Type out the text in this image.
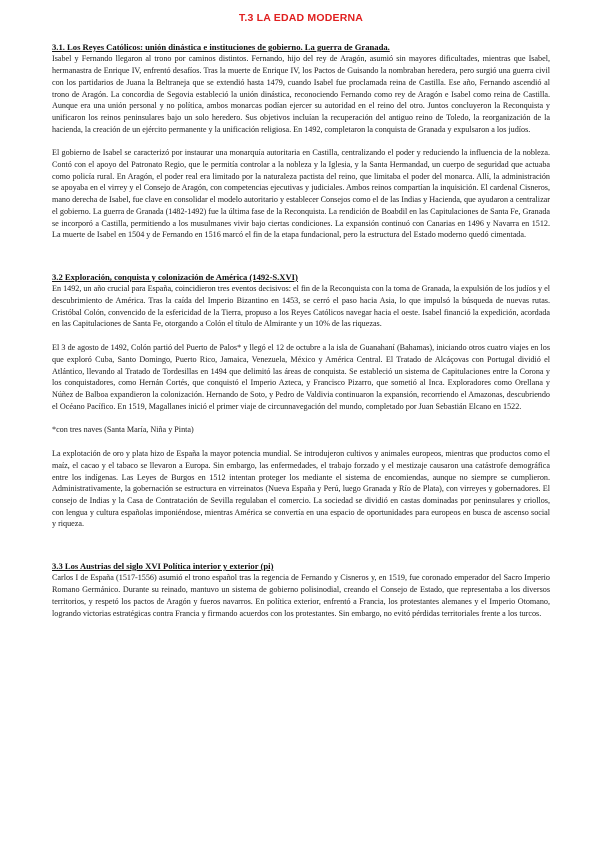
T.3 LA EDAD MODERNA
3.1. Los Reyes Católicos: unión dinástica e instituciones de gobierno. La guerra de Granada.

Isabel y Fernando llegaron al trono por caminos distintos. Fernando, hijo del rey de Aragón, asumió sin mayores dificultades, mientras que Isabel, hermanastra de Enrique IV, enfrentó desafíos. Tras la muerte de Enrique IV, los Pactos de Guisando la nombraban heredera, pero surgió una guerra civil con los partidarios de Juana la Beltraneja que se extendió hasta 1479, cuando Isabel fue proclamada reina de Castilla. Ese año, Fernando ascendió al trono de Aragón. La concordia de Segovia estableció la unión dinástica, reconociendo Fernando como rey de Aragón e Isabel como reina de Castilla. Aunque era una unión personal y no política, ambos monarcas podían ejercer su autoridad en el reino del otro. Juntos concluyeron la Reconquista y unificaron los reinos peninsulares bajo un solo heredero. Sus objetivos incluían la recuperación del antiguo reino de Toledo, la reorganización de la hacienda, la creación de un ejército permanente y la unificación religiosa. En 1492, completaron la conquista de Granada y expulsaron a los judíos.

El gobierno de Isabel se caracterizó por instaurar una monarquía autoritaria en Castilla, centralizando el poder y reduciendo la influencia de la nobleza. Contó con el apoyo del Patronato Regio, que le permitía controlar a la nobleza y la Iglesia, y la Santa Hermandad, un cuerpo de seguridad que actuaba como policía rural. En Aragón, el poder real era limitado por la naturaleza pactista del reino, que limitaba el poder del monarca. Allí, la administración se apoyaba en el virrey y el Consejo de Aragón, con competencias ejecutivas y judiciales. Ambos reinos compartían la inquisición. El cardenal Cisneros, mano derecha de Isabel, fue clave en consolidar el modelo autoritario y establecer Consejos como el de las Indias y Hacienda, que ayudaron a centralizar el gobierno. La guerra de Granada (1482-1492) fue la última fase de la Reconquista. La rendición de Boabdil en las Capitulaciones de Santa Fe, Granada se incorporó a Castilla, permitiendo a los musulmanes vivir bajo ciertas condiciones. La expansión continuó con Canarias en 1496 y Navarra en 1512. La muerte de Isabel en 1504 y de Fernando en 1516 marcó el fin de la etapa fundacional, pero la estructura del Estado moderno quedó cimentada.

3.2 Exploración, conquista y colonización de América (1492-S.XVI)

En 1492, un año crucial para España, coincidieron tres eventos decisivos: el fin de la Reconquista con la toma de Granada, la expulsión de los judíos y el descubrimiento de América. Tras la caída del Imperio Bizantino en 1453, se cerró el paso hacia Asia, lo que impulsó la búsqueda de nuevas rutas. Cristóbal Colón, convencido de la esfericidad de la Tierra, propuso a los Reyes Católicos navegar hacia el oeste. Isabel financió la expedición, acordada en las Capitulaciones de Santa Fe, otorgando a Colón el título de Almirante y un 10% de las riquezas.

El 3 de agosto de 1492, Colón partió del Puerto de Palos* y llegó el 12 de octubre a la isla de Guanahaní (Bahamas), iniciando otros cuatro viajes en los que exploró Cuba, Santo Domingo, Puerto Rico, Jamaica, Venezuela, México y América Central. El Tratado de Alcáçovas con Portugal dividió el Atlántico, llevando al Tratado de Tordesillas en 1494 que delimitó las áreas de conquista. Se estableció un sistema de Capitulaciones entre la Corona y los conquistadores, como Hernán Cortés, que conquistó el Imperio Azteca, y Francisco Pizarro, que sometió al Inca. Exploradores como Orellana y Núñez de Balboa expandieron la colonización. Hernando de Soto, y Pedro de Valdivia continuaron la expansión, recorriendo el Amazonas, descubriendo el Océano Pacífico. En 1519, Magallanes inició el primer viaje de circunnavegación del mundo, completado por Juan Sebastián Elcano en 1522.

*con tres naves (Santa María, Niña y Pinta)

La explotación de oro y plata hizo de España la mayor potencia mundial. Se introdujeron cultivos y animales europeos, mientras que productos como el maíz, el cacao y el tabaco se llevaron a Europa. Sin embargo, las enfermedades, el trabajo forzado y el mestizaje causaron una catástrofe demográfica entre los indígenas. Las Leyes de Burgos en 1512 intentan proteger los mediante el sistema de encomiendas, aunque no siempre se cumplieron. Administrativamente, la gobernación se estructura en virreinatos (Nueva España y Perú, luego Granada y Río de Plata), con virreyes y gobernadores. El consejo de Indias y la Casa de Contratación de Sevilla regulaban el comercio. La sociedad se dividió en castas dominadas por peninsulares y criollos, con lengua y cultura españolas imponiéndose, mientras América se convertía en una espacio de oportunidades para europeos en busca de ascenso social y riqueza.

3.3 Los Austrias del siglo XVI Política interior y exterior (pi)

Carlos I de España (1517-1556) asumió el trono español tras la regencia de Fernando y Cisneros y, en 1519, fue coronado emperador del Sacro Imperio Romano Germánico. Durante su reinado, mantuvo un sistema de gobierno polisinodial, creando el Consejo de Estado, que representaba a los diversos territorios, y respetó los pactos de Aragón y fueros navarros. En política exterior, enfrentó a Francia, los protestantes alemanes y el Imperio Otomano, logrando victorias estratégicas contra Francia y firmando acuerdos con los protestantes. Sin embargo, no evitó pérdidas territoriales frente a los turcos.
